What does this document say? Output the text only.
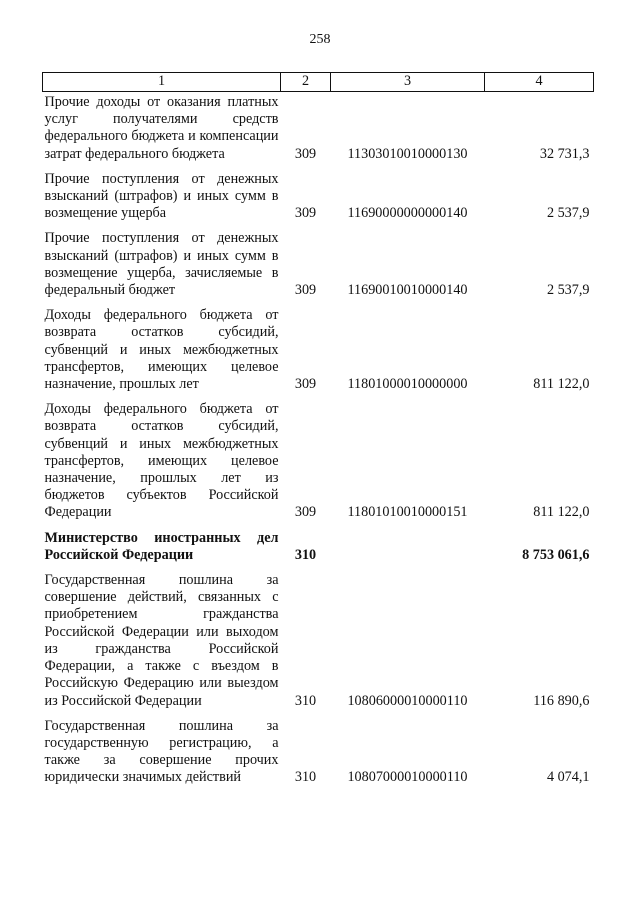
258
1	2	3	4
Прочие доходы от оказания платных услуг получателями средств федерального бюджета и компенсации затрат федерального бюджета	309	11303010010000130	32 731,3
Прочие поступления от денежных взысканий (штрафов) и иных сумм в возмещение ущерба	309	11690000000000140	2 537,9
Прочие поступления от денежных взысканий (штрафов) и иных сумм в возмещение ущерба, зачисляемые в федеральный бюджет	309	11690010010000140	2 537,9
Доходы федерального бюджета от возврата остатков субсидий, субвенций и иных межбюджетных трансфертов, имеющих целевое назначение, прошлых лет	309	11801000010000000	811 122,0
Доходы федерального бюджета от возврата остатков субсидий, субвенций и иных межбюджетных трансфертов, имеющих целевое назначение, прошлых лет из бюджетов субъектов Российской Федерации	309	11801010010000151	811 122,0
Министерство иностранных дел Российской Федерации	310		8 753 061,6
Государственная пошлина за совершение действий, связанных с приобретением гражданства Российской Федерации или выходом из гражданства Российской Федерации, а также с въездом в Российскую Федерацию или выездом из Российской Федерации	310	10806000010000110	116 890,6
Государственная пошлина за государственную регистрацию, а также за совершение прочих юридически значимых действий	310	10807000010000110	4 074,1
